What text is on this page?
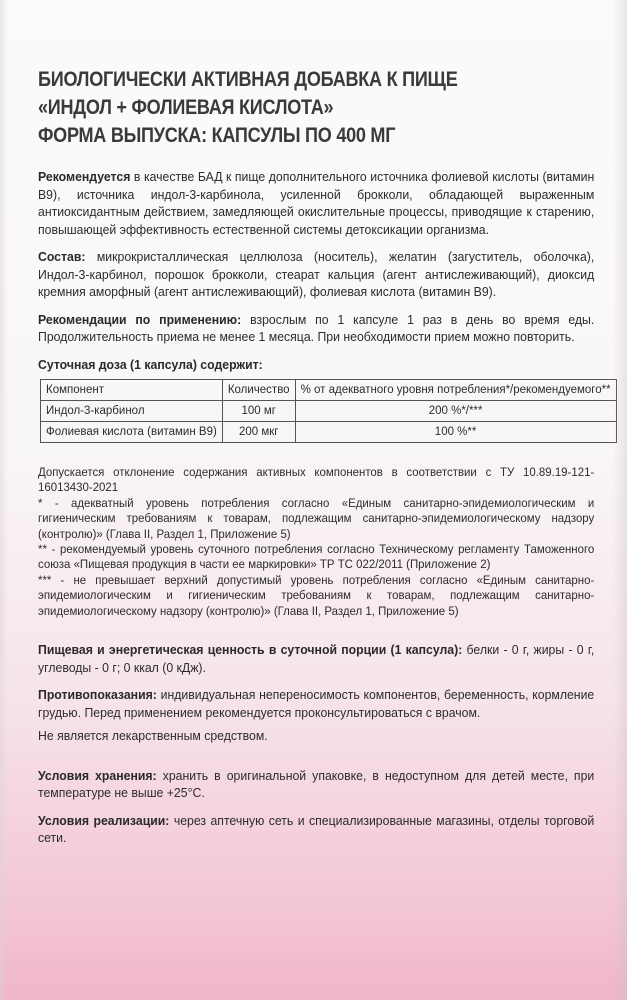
БИОЛОГИЧЕСКИ АКТИВНАЯ ДОБАВКА К ПИЩЕ
«ИНДОЛ + ФОЛИЕВАЯ КИСЛОТА»
ФОРМА ВЫПУСКА: КАПСУЛЫ ПО 400 МГ

Рекомендуется в качестве БАД к пище дополнительного источника фолиевой кислоты (витамин В9), источника индол-3-карбинола, усиленной брокколи, обладающей выраженным антиоксидантным действием, замедляющей окислительные процессы, приводящие к старению, повышающей эффективность естественной системы детоксикации организма.

Состав: микрокристаллическая целлюлоза (носитель), желатин (загуститель, оболочка), Индол-3-карбинол, порошок брокколи, стеарат кальция (агент антислеживающий), диоксид кремния аморфный (агент антислеживающий), фолиевая кислота (витамин В9).

Рекомендации по применению: взрослым по 1 капсуле 1 раз в день во время еды. Продолжительность приема не менее 1 месяца. При необходимости прием можно повторить.

Суточная доза (1 капсула) содержит:

Компонент	Количество	% от адекватного уровня потребления*/рекомендуемого**
Индол-3-карбинол	100 мг	200 %*/***
Фолиевая кислота (витамин В9)	200 мкг	100 %**

Допускается отклонение содержания активных компонентов в соответствии с ТУ 10.89.19-121-16013430-2021

* - адекватный уровень потребления согласно «Единым санитарно-эпидемиологическим и гигиеническим требованиям к товарам, подлежащим санитарно-эпидемиологическому надзору (контролю)» (Глава II, Раздел 1, Приложение 5)

** - рекомендуемый уровень суточного потребления согласно Техническому регламенту Таможенного союза «Пищевая продукция в части ее маркировки» ТР ТС 022/2011 (Приложение 2)

*** - не превышает верхний допустимый уровень потребления согласно «Единым санитарно-эпидемиологическим и гигиеническим требованиям к товарам, подлежащим санитарно-эпидемиологическому надзору (контролю)» (Глава II, Раздел 1, Приложение 5)

Пищевая и энергетическая ценность в суточной порции (1 капсула): белки - 0 г, жиры - 0 г, углеводы - 0 г; 0 ккал (0 кДж).

Противопоказания: индивидуальная непереносимость компонентов, беременность, кормление грудью. Перед применением рекомендуется проконсультироваться с врачом.

Не является лекарственным средством.

Условия хранения: хранить в оригинальной упаковке, в недоступном для детей месте, при температуре не выше +25°С.

Условия реализации: через аптечную сеть и специализированные магазины, отделы торговой сети.
